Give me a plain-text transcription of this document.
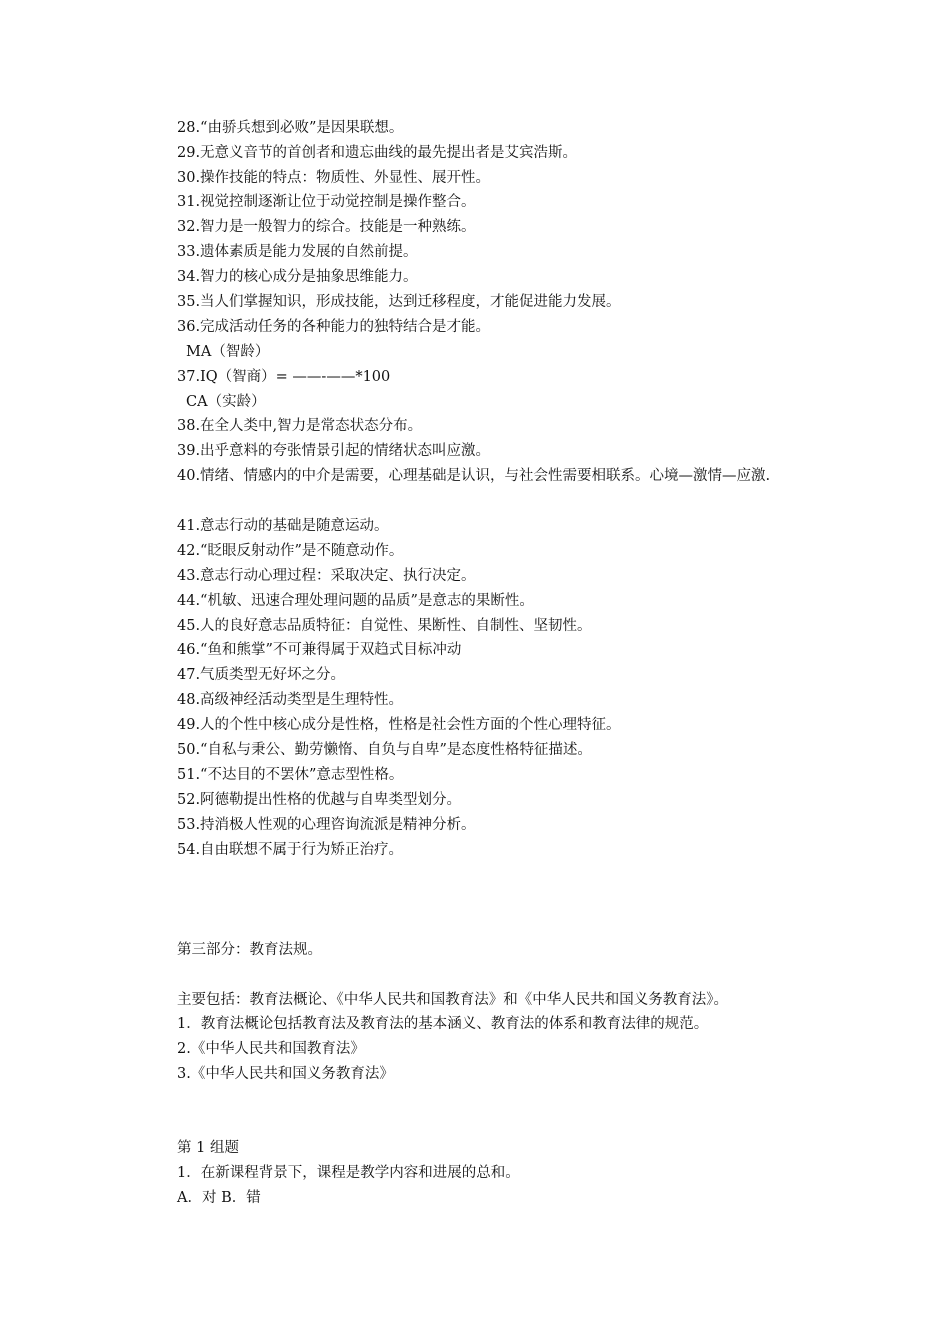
28.“由骄兵想到必败”是因果联想。
29.无意义音节的首创者和遗忘曲线的最先提出者是艾宾浩斯。
30.操作技能的特点：物质性、外显性、展开性。
31.视觉控制逐渐让位于动觉控制是操作整合。
32.智力是一般智力的综合。技能是一种熟练。
33.遗体素质是能力发展的自然前提。
34.智力的核心成分是抽象思维能力。
35.当人们掌握知识，形成技能，达到迁移程度，才能促进能力发展。
36.完成活动任务的各种能力的独特结合是才能。
MA（智龄）
37.IQ（智商）= ——-——*100
CA（实龄）
38.在全人类中,智力是常态状态分布。
39.出乎意料的夸张情景引起的情绪状态叫应激。
40.情绪、情感内的中介是需要，心理基础是认识，与社会性需要相联系。心境—激情—应激.
41.意志行动的基础是随意运动。
42.“眨眼反射动作”是不随意动作。
43.意志行动心理过程：采取决定、执行决定。
44.“机敏、迅速合理处理问题的品质”是意志的果断性。
45.人的良好意志品质特征：自觉性、果断性、自制性、坚韧性。
46.“鱼和熊掌”不可兼得属于双趋式目标冲动
47.气质类型无好坏之分。
48.高级神经活动类型是生理特性。
49.人的个性中核心成分是性格，性格是社会性方面的个性心理特征。
50.“自私与秉公、勤劳懒惰、自负与自卑”是态度性格特征描述。
51.“不达目的不罢休”意志型性格。
52.阿德勒提出性格的优越与自卑类型划分。
53.持消极人性观的心理咨询流派是精神分析。
54.自由联想不属于行为矫正治疗。
第三部分：教育法规。
主要包括：教育法概论、《中华人民共和国教育法》和《中华人民共和国义务教育法》。
1．教育法概论包括教育法及教育法的基本涵义、教育法的体系和教育法律的规范。
2.《中华人民共和国教育法》
3.《中华人民共和国义务教育法》
第 1 组题
1．在新课程背景下，课程是教学内容和进展的总和。
A．对 B．错
